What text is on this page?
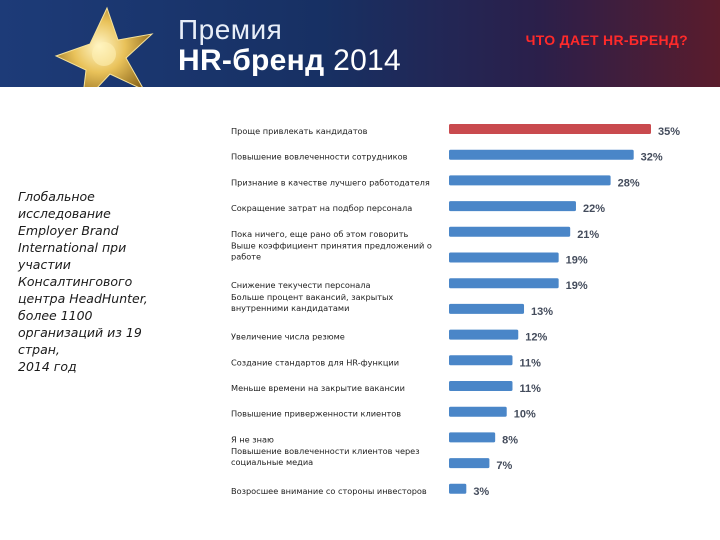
Премия
HR-бренд 2014
ЧТО ДАЕТ HR-БРЕНД?
Глобальное
исследование
Employer Brand
International при
участии
Консалтингового
центра HeadHunter,
более 1100
организаций из 19
стран,
2014 год
Проще привлекать кандидатов	35%
Повышение вовлеченности сотрудников	32%
Признание в качестве лучшего работодателя	28%
Сокращение затрат на подбор персонала	22%
Пока ничего, еще рано об этом говорить	21%
Выше коэффициент принятия предложений о работе	19%
Снижение текучести персонала	19%
Больше процент вакансий, закрытых внутренними кандидатами	13%
Увеличение числа резюме	12%
Создание стандартов для HR-функции	11%
Меньше времени на закрытие вакансии	11%
Повышение приверженности клиентов	10%
Я не знаю	8%
Повышение вовлеченности клиентов через социальные медиа	7%
Возросшее внимание со стороны инвесторов	3%
